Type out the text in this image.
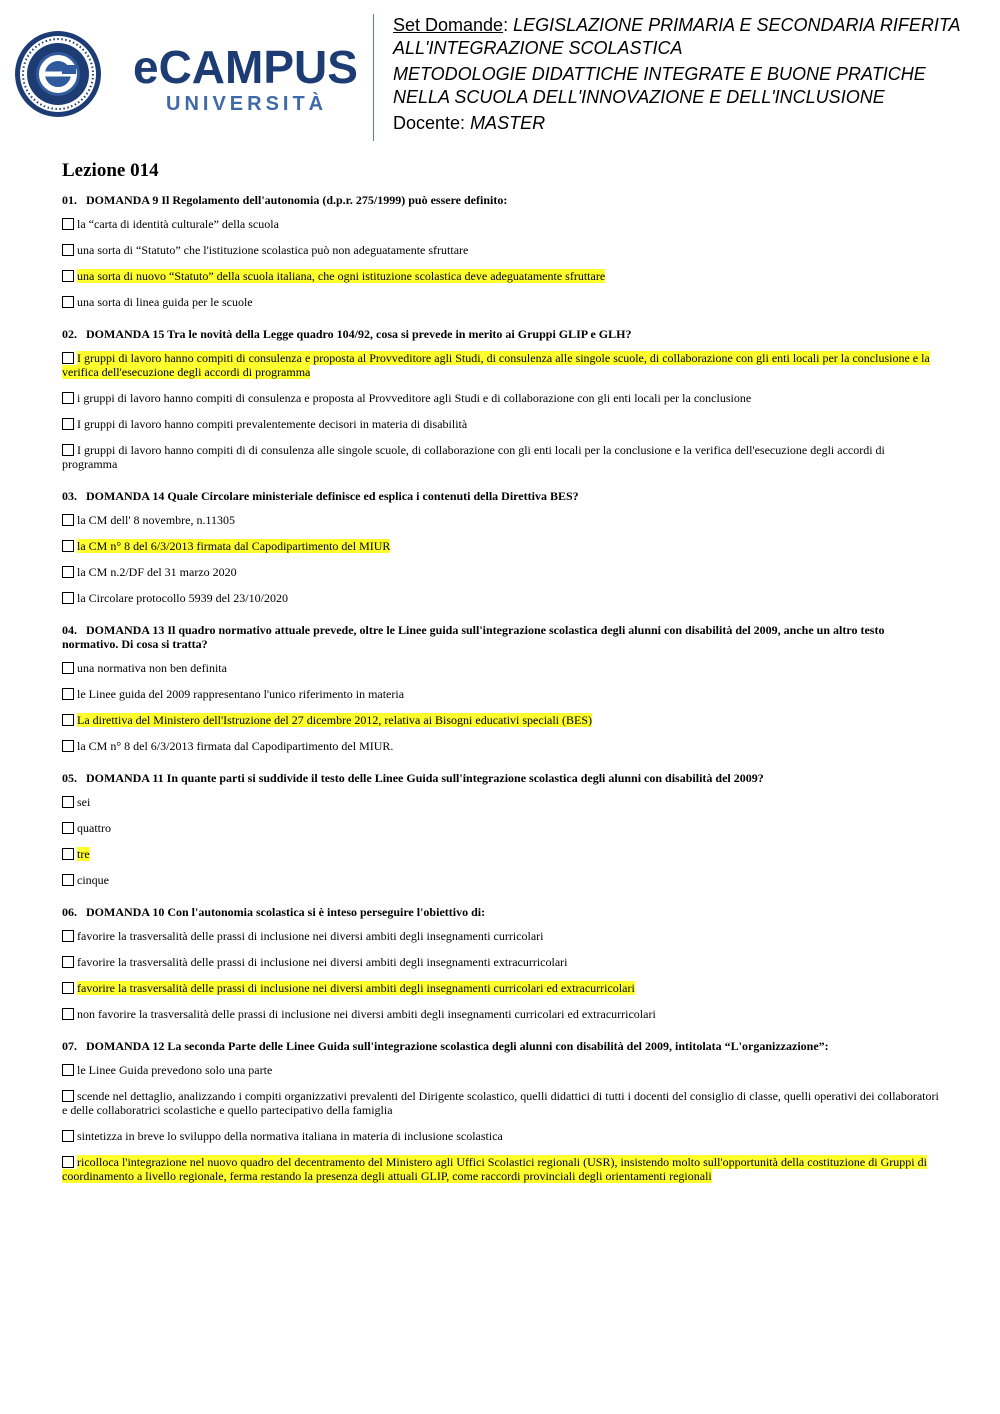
eCAMPUS
UNIVERSITÀ
Set Domande: LEGISLAZIONE PRIMARIA E SECONDARIA RIFERITA
ALL'INTEGRAZIONE SCOLASTICA
METODOLOGIE DIDATTICHE INTEGRATE E BUONE PRATICHE
NELLA SCUOLA DELL'INNOVAZIONE E DELL'INCLUSIONE
Docente: MASTER
Lezione 014
01. DOMANDA 9 Il Regolamento dell'autonomia (d.p.r. 275/1999) può essere definito:
la “carta di identità culturale” della scuola
una sorta di “Statuto” che l'istituzione scolastica può non adeguatamente sfruttare
una sorta di nuovo “Statuto” della scuola italiana, che ogni istituzione scolastica deve adeguatamente sfruttare
una sorta di linea guida per le scuole
02. DOMANDA 15 Tra le novità della Legge quadro 104/92, cosa si prevede in merito ai Gruppi GLIP e GLH?
I gruppi di lavoro hanno compiti di consulenza e proposta al Provveditore agli Studi, di consulenza alle singole scuole, di collaborazione con gli enti locali per la conclusione e la verifica dell'esecuzione degli accordi di programma
i gruppi di lavoro hanno compiti di consulenza e proposta al Provveditore agli Studi e di collaborazione con gli enti locali per la conclusione
I gruppi di lavoro hanno compiti prevalentemente decisori in materia di disabilità
I gruppi di lavoro hanno compiti di di consulenza alle singole scuole, di collaborazione con gli enti locali per la conclusione e la verifica dell'esecuzione degli accordi di programma
03. DOMANDA 14 Quale Circolare ministeriale definisce ed esplica i contenuti della Direttiva BES?
la CM dell' 8 novembre, n.11305
la CM n° 8 del 6/3/2013 firmata dal Capodipartimento del MIUR
la CM n.2/DF del 31 marzo 2020
la Circolare protocollo 5939 del 23/10/2020
04. DOMANDA 13 Il quadro normativo attuale prevede, oltre le Linee guida sull'integrazione scolastica degli alunni con disabilità del 2009, anche un altro testo normativo. Di cosa si tratta?
una normativa non ben definita
le Linee guida del 2009 rappresentano l'unico riferimento in materia
La direttiva del Ministero dell'Istruzione del 27 dicembre 2012, relativa ai Bisogni educativi speciali (BES)
la CM n° 8 del 6/3/2013 firmata dal Capodipartimento del MIUR.
05. DOMANDA 11 In quante parti si suddivide il testo delle Linee Guida sull'integrazione scolastica degli alunni con disabilità del 2009?
sei
quattro
tre
cinque
06. DOMANDA 10 Con l'autonomia scolastica si è inteso perseguire l'obiettivo di:
favorire la trasversalità delle prassi di inclusione nei diversi ambiti degli insegnamenti curricolari
favorire la trasversalità delle prassi di inclusione nei diversi ambiti degli insegnamenti extracurricolari
favorire la trasversalità delle prassi di inclusione nei diversi ambiti degli insegnamenti curricolari ed extracurricolari
non favorire la trasversalità delle prassi di inclusione nei diversi ambiti degli insegnamenti curricolari ed extracurricolari
07. DOMANDA 12 La seconda Parte delle Linee Guida sull'integrazione scolastica degli alunni con disabilità del 2009, intitolata “L'organizzazione”:
le Linee Guida prevedono solo una parte
scende nel dettaglio, analizzando i compiti organizzativi prevalenti del Dirigente scolastico, quelli didattici di tutti i docenti del consiglio di classe, quelli operativi dei collaboratori e delle collaboratrici scolastiche e quello partecipativo della famiglia
sintetizza in breve lo sviluppo della normativa italiana in materia di inclusione scolastica
ricolloca l'integrazione nel nuovo quadro del decentramento del Ministero agli Uffici Scolastici regionali (USR), insistendo molto sull'opportunità della costituzione di Gruppi di coordinamento a livello regionale, ferma restando la presenza degli attuali GLIP, come raccordi provinciali degli orientamenti regionali
